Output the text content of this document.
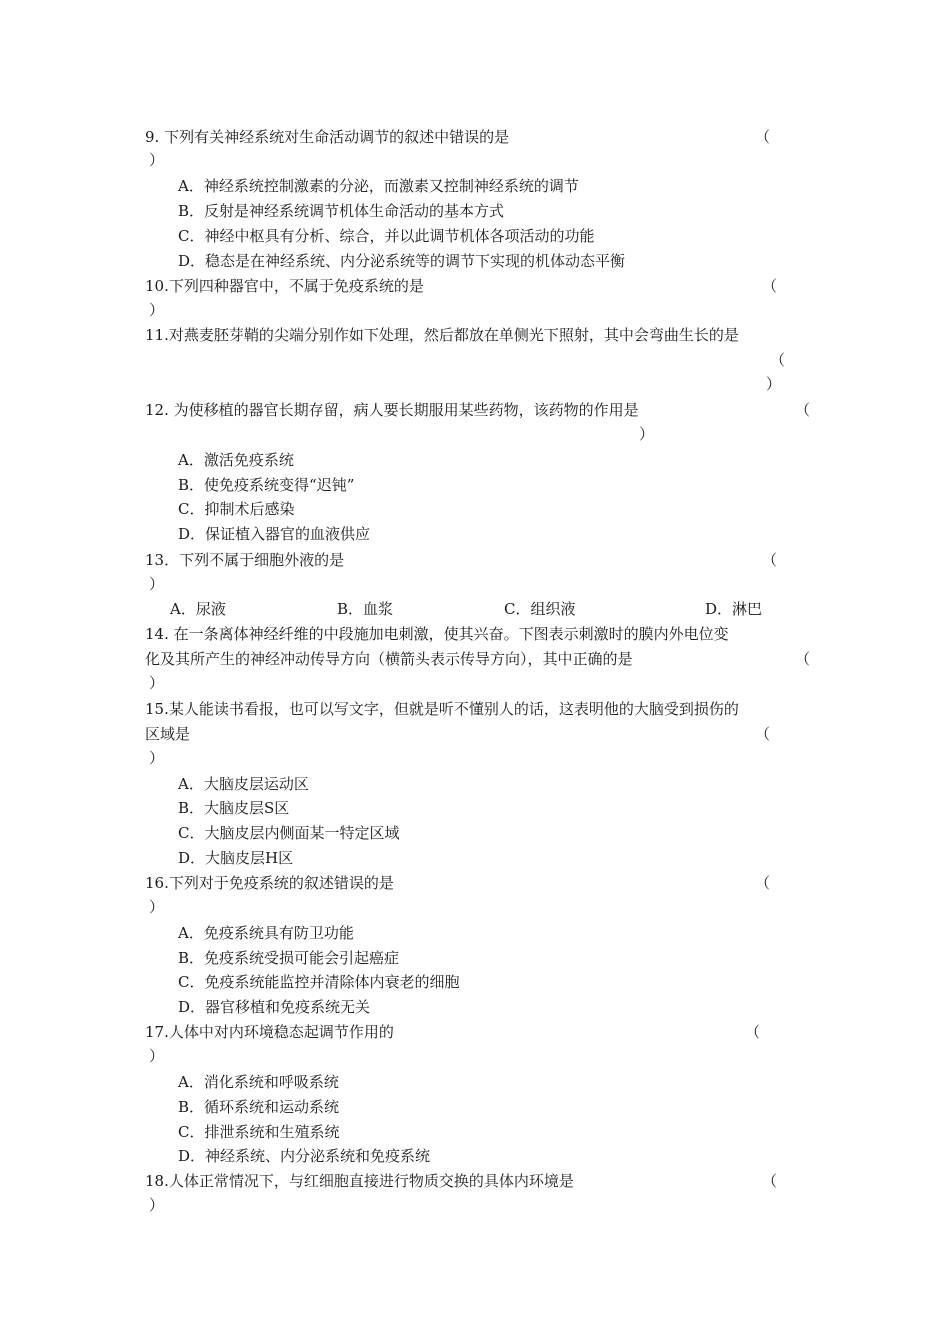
9. 下列有关神经系统对生命活动调节的叙述中错误的是	（
）
A．神经系统控制激素的分泌，而激素又控制神经系统的调节
B．反射是神经系统调节机体生命活动的基本方式
C．神经中枢具有分析、综合，并以此调节机体各项活动的功能
D．稳态是在神经系统、内分泌系统等的调节下实现的机体动态平衡
10.下列四种器官中，不属于免疫系统的是	（
）
11.对燕麦胚芽鞘的尖端分别作如下处理，然后都放在单侧光下照射，其中会弯曲生长的是
（
）
12. 为使移植的器官长期存留，病人要长期服用某些药物，该药物的作用是	（
）
A．激活免疫系统
B．使免疫系统变得“迟钝”
C．抑制术后感染
D．保证植入器官的血液供应
13．下列不属于细胞外液的是	（
）
A．尿液	B．血浆	C．组织液	D．淋巴
14. 在一条离体神经纤维的中段施加电刺激，使其兴奋。下图表示刺激时的膜内外电位变
化及其所产生的神经冲动传导方向（横箭头表示传导方向），其中正确的是	（
）
15.某人能读书看报，也可以写文字，但就是听不懂别人的话，这表明他的大脑受到损伤的
区域是	（
）
A．大脑皮层运动区
B．大脑皮层S区
C．大脑皮层内侧面某一特定区域
D．大脑皮层H区
16.下列对于免疫系统的叙述错误的是	（
）
A．免疫系统具有防卫功能
B．免疫系统受损可能会引起癌症
C．免疫系统能监控并清除体内衰老的细胞
D．器官移植和免疫系统无关
17.人体中对内环境稳态起调节作用的	（
）
A．消化系统和呼吸系统
B．循环系统和运动系统
C．排泄系统和生殖系统
D．神经系统、内分泌系统和免疫系统
18.人体正常情况下，与红细胞直接进行物质交换的具体内环境是	（
）
